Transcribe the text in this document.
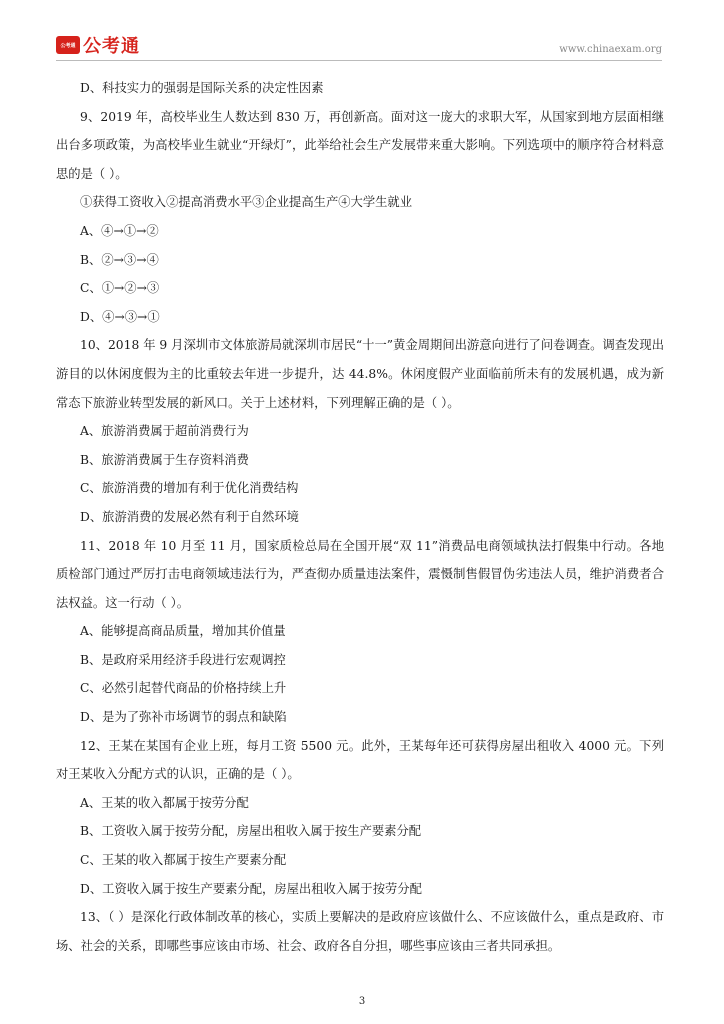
公考通 公考通	www.chinaexam.org

D、科技实力的强弱是国际关系的决定性因素

9、2019 年，高校毕业生人数达到 830 万，再创新高。面对这一庞大的求职大军，从国家到地方层面相继出台多项政策，为高校毕业生就业“开绿灯”，此举给社会生产发展带来重大影响。下列选项中的顺序符合材料意思的是（ ）。

①获得工资收入②提高消费水平③企业提高生产④大学生就业

A、④→①→②

B、②→③→④

C、①→②→③

D、④→③→①

10、2018 年 9 月深圳市文体旅游局就深圳市居民“十一”黄金周期间出游意向进行了问卷调查。调查发现出游目的以休闲度假为主的比重较去年进一步提升，达 44.8%。休闲度假产业面临前所未有的发展机遇，成为新常态下旅游业转型发展的新风口。关于上述材料，下列理解正确的是（ ）。

A、旅游消费属于超前消费行为

B、旅游消费属于生存资料消费

C、旅游消费的增加有利于优化消费结构

D、旅游消费的发展必然有利于自然环境

11、2018 年 10 月至 11 月，国家质检总局在全国开展“双 11”消费品电商领域执法打假集中行动。各地质检部门通过严厉打击电商领域违法行为，严查彻办质量违法案件，震慑制售假冒伪劣违法人员，维护消费者合法权益。这一行动（ ）。

A、能够提高商品质量，增加其价值量

B、是政府采用经济手段进行宏观调控

C、必然引起替代商品的价格持续上升

D、是为了弥补市场调节的弱点和缺陷

12、王某在某国有企业上班，每月工资 5500 元。此外，王某每年还可获得房屋出租收入 4000 元。下列对王某收入分配方式的认识，正确的是（ ）。

A、王某的收入都属于按劳分配

B、工资收入属于按劳分配，房屋出租收入属于按生产要素分配

C、王某的收入都属于按生产要素分配

D、工资收入属于按生产要素分配，房屋出租收入属于按劳分配

13、（ ）是深化行政体制改革的核心，实质上要解决的是政府应该做什么、不应该做什么，重点是政府、市场、社会的关系，即哪些事应该由市场、社会、政府各自分担，哪些事应该由三者共同承担。

3
